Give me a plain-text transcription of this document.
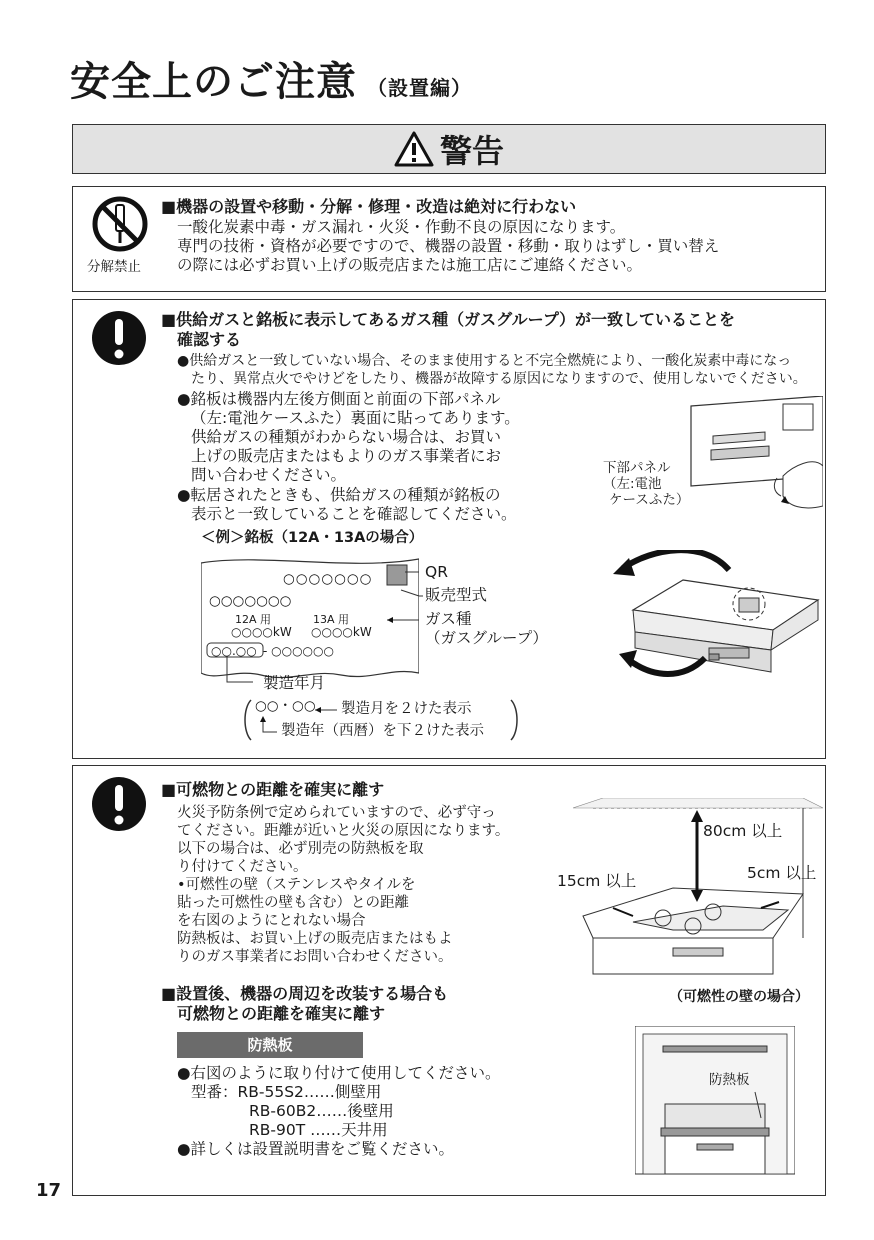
安全上のご注意 （設置編）
警告
分解禁止
■機器の設置や移動・分解・修理・改造は絶対に行わない
一酸化炭素中毒・ガス漏れ・火災・作動不良の原因になります。
専門の技術・資格が必要ですので、機器の設置・移動・取りはずし・買い替え
の際には必ずお買い上げの販売店または施工店にご連絡ください。
■供給ガスと銘板に表示してあるガス種（ガスグループ）が一致していることを
確認する
●供給ガスと一致していない場合、そのまま使用すると不完全燃焼により、一酸化炭素中毒になっ
たり、異常点火でやけどをしたり、機器が故障する原因になりますので、使用しないでください。
●銘板は機器内左後方側面と前面の下部パネル
（左:電池ケースふた）裏面に貼ってあります。
供給ガスの種類がわからない場合は、お買い
上げの販売店またはもよりのガス事業者にお
問い合わせください。
●転居されたときも、供給ガスの種類が銘板の
表示と一致していることを確認してください。
＜例＞銘板（12A・13Aの場合）
下部パネル
（左:電池
ケースふた）
○○○○○○○
○○○○○○○
12A 用	13A 用
○○○○kW ○○○○kW
○○.○○ - ○○○○○○
QR
販売型式
ガス種
（ガスグループ）
製造年月
○○・○○ 製造月を２けた表示
製造年（西暦）を下２けた表示
■可燃物との距離を確実に離す
火災予防条例で定められていますので、必ず守っ
てください。距離が近いと火災の原因になります。
以下の場合は、必ず別売の防熱板を取
り付けてください。
•可燃性の壁（ステンレスやタイルを
貼った可燃性の壁も含む）との距離
を右図のようにとれない場合
防熱板は、お買い上げの販売店またはもよ
りのガス事業者にお問い合わせください。
80cm 以上
15cm 以上	5cm 以上
（可燃性の壁の場合）
■設置後、機器の周辺を改装する場合も
可燃物との距離を確実に離す
防熱板
●右図のように取り付けて使用してください。
型番：RB-55S2……側壁用
RB-60B2……後壁用
RB-90T ……天井用
●詳しくは設置説明書をご覧ください。
防熱板
17
